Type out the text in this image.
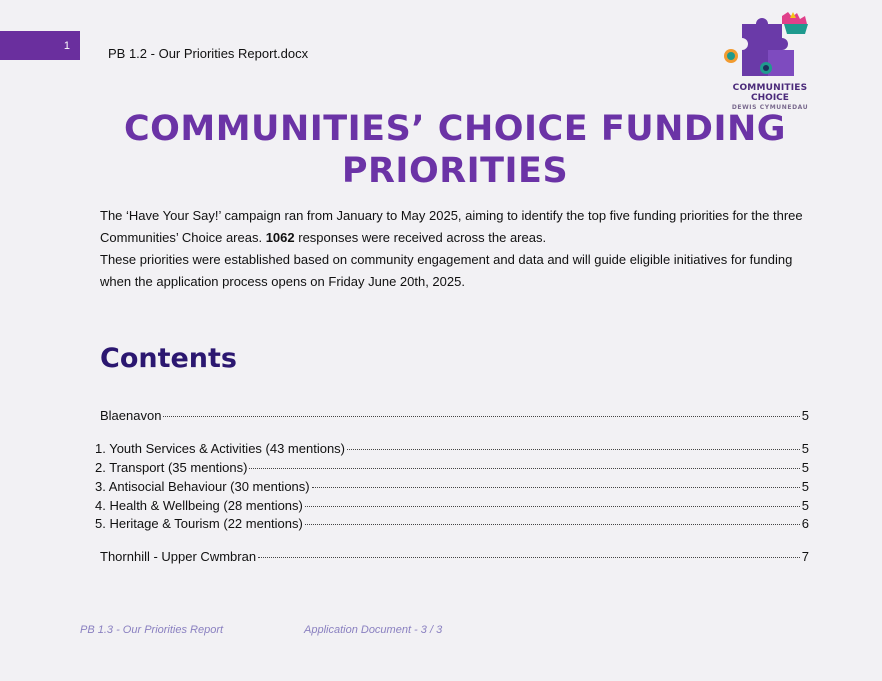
1
PB 1.2 - Our Priorities Report.docx
COMMUNITIES
CHOICE
DEWIS CYMUNEDAU
COMMUNITIES’ CHOICE FUNDING
PRIORITIES

The ‘Have Your Say!’ campaign ran from January to May 2025, aiming to identify the top five funding priorities for the three Communities’ Choice areas. 1062 responses were received across the areas.

These priorities were established based on community engagement and data and will guide eligible initiatives for funding when the application process opens on Friday June 20th, 2025.

Contents
Blaenavon	5
1. Youth Services & Activities (43 mentions)	5
2. Transport (35 mentions)	5
3. Antisocial Behaviour (30 mentions)	5
4. Health & Wellbeing (28 mentions)	5
5. Heritage & Tourism (22 mentions)	6
Thornhill - Upper Cwmbran	7
PB 1.3 - Our Priorities Report	Application Document - 3 / 3
